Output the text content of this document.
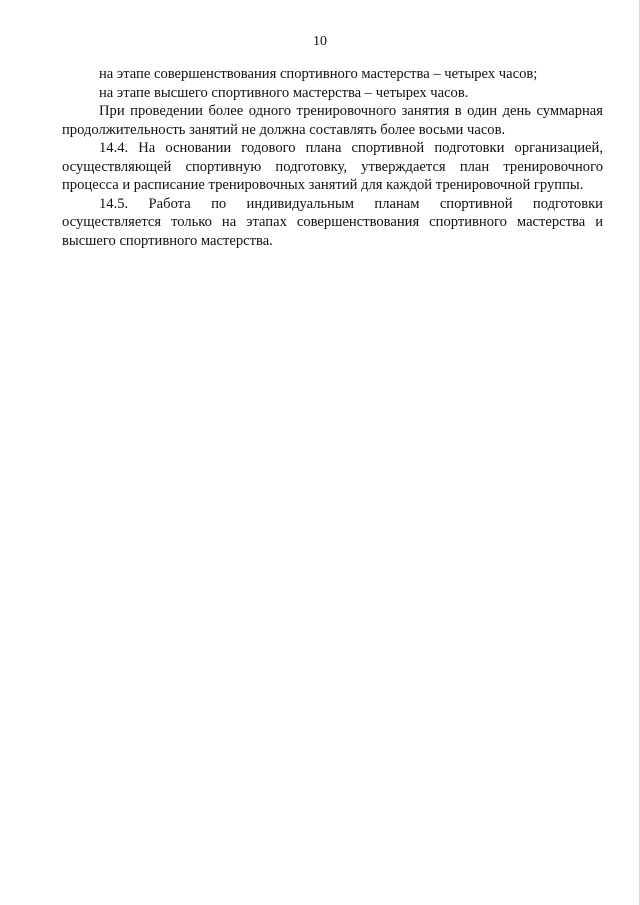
10

на этапе совершенствования спортивного мастерства – четырех часов;

на этапе высшего спортивного мастерства – четырех часов.

При проведении более одного тренировочного занятия в один день суммарная продолжительность занятий не должна составлять более восьми часов.

14.4. На основании годового плана спортивной подготовки организацией, осуществляющей спортивную подготовку, утверждается план тренировочного процесса и расписание тренировочных занятий для каждой тренировочной группы.

14.5. Работа по индивидуальным планам спортивной подготовки осуществляется только на этапах совершенствования спортивного мастерства и высшего спортивного мастерства.
